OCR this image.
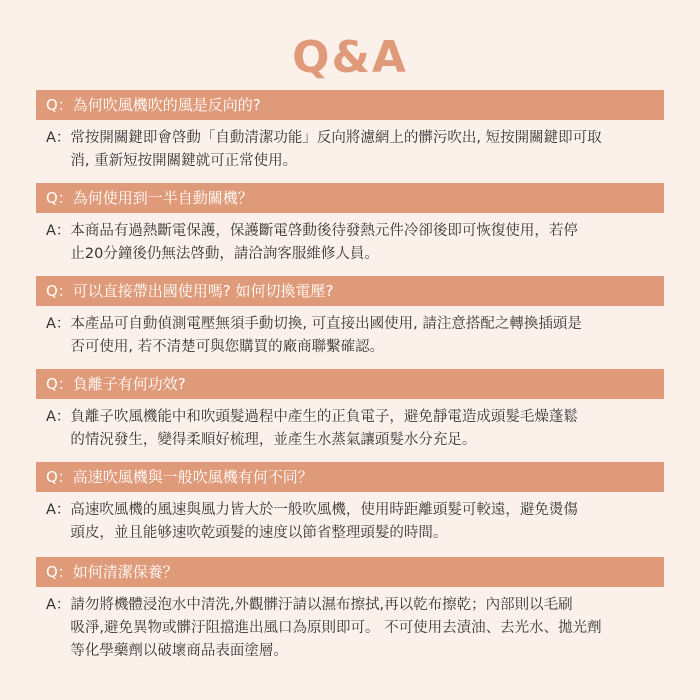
Q&A
Q：為何吹風機吹的風是反向的?
A： 常按開關鍵即會啓動「自動清潔功能」反向將濾網上的髒污吹出, 短按開關鍵即可取
消, 重新短按開關鍵就可正常使用。
Q：為何使用到一半自動關機？
A： 本商品有過熱斷電保護，保護斷電啓動後待發熱元件冷卻後即可恢復使用，若停
止20分鐘後仍無法啓動，請洽詢客服維修人員。
Q：可以直接帶出國使用嗎? 如何切換電壓?
A： 本產品可自動偵測電壓無須手動切換, 可直接出國使用, 請注意搭配之轉換插頭是
否可使用, 若不清楚可與您購買的廠商聯繫確認。
Q：負離子有何功效?
A： 負離子吹風機能中和吹頭髮過程中產生的正負電子，避免靜電造成頭髮毛燥蓬鬆
的情況發生，變得柔順好梳理，並產生水蒸氣讓頭髮水分充足。
Q：高速吹風機與一般吹風機有何不同？
A： 高速吹風機的風速與風力皆大於一般吹風機，使用時距離頭髮可較遠，避免燙傷
頭皮，並且能够速吹乾頭髮的速度以節省整理頭髮的時間。
Q：如何清潔保養？
A： 請勿將機體浸泡水中清洗,外觀髒汙請以濕布擦拭,再以乾布擦乾；內部則以毛刷
吸淨,避免異物或髒汙阻擋進出風口為原則即可。 不可使用去漬油、去光水、拋光劑
等化學藥劑以破壞商品表面塗層。
